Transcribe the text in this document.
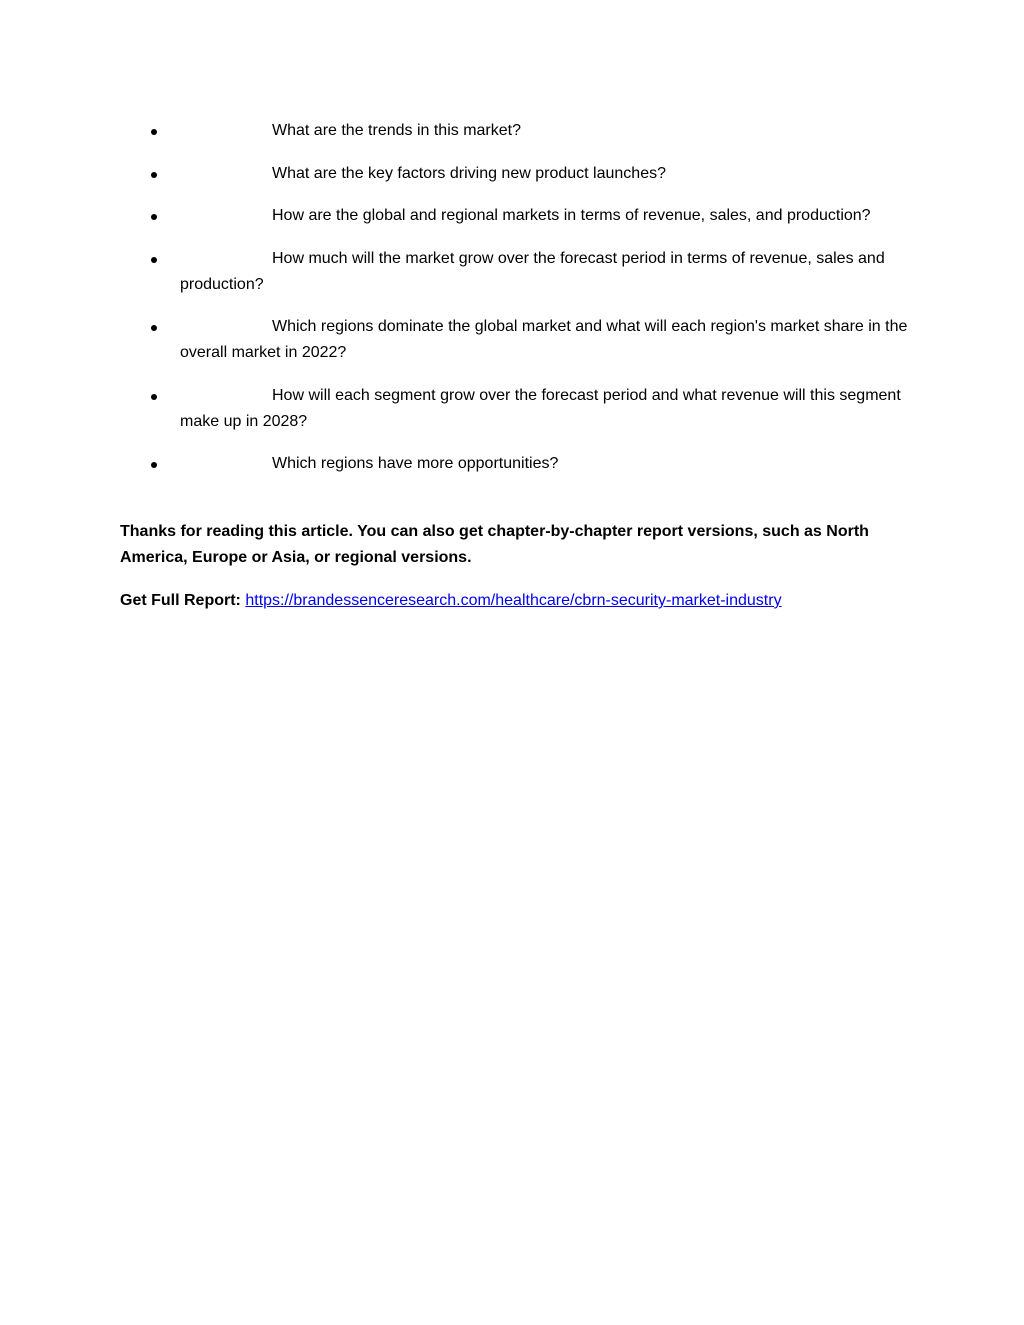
What are the trends in this market?
What are the key factors driving new product launches?
How are the global and regional markets in terms of revenue, sales, and production?
How much will the market grow over the forecast period in terms of revenue, sales and production?
Which regions dominate the global market and what will each region's market share in the overall market in 2022?
How will each segment grow over the forecast period and what revenue will this segment make up in 2028?
Which regions have more opportunities?

Thanks for reading this article. You can also get chapter-by-chapter report versions, such as North America, Europe or Asia, or regional versions.

Get Full Report: https://brandessenceresearch.com/healthcare/cbrn-security-market-industry
